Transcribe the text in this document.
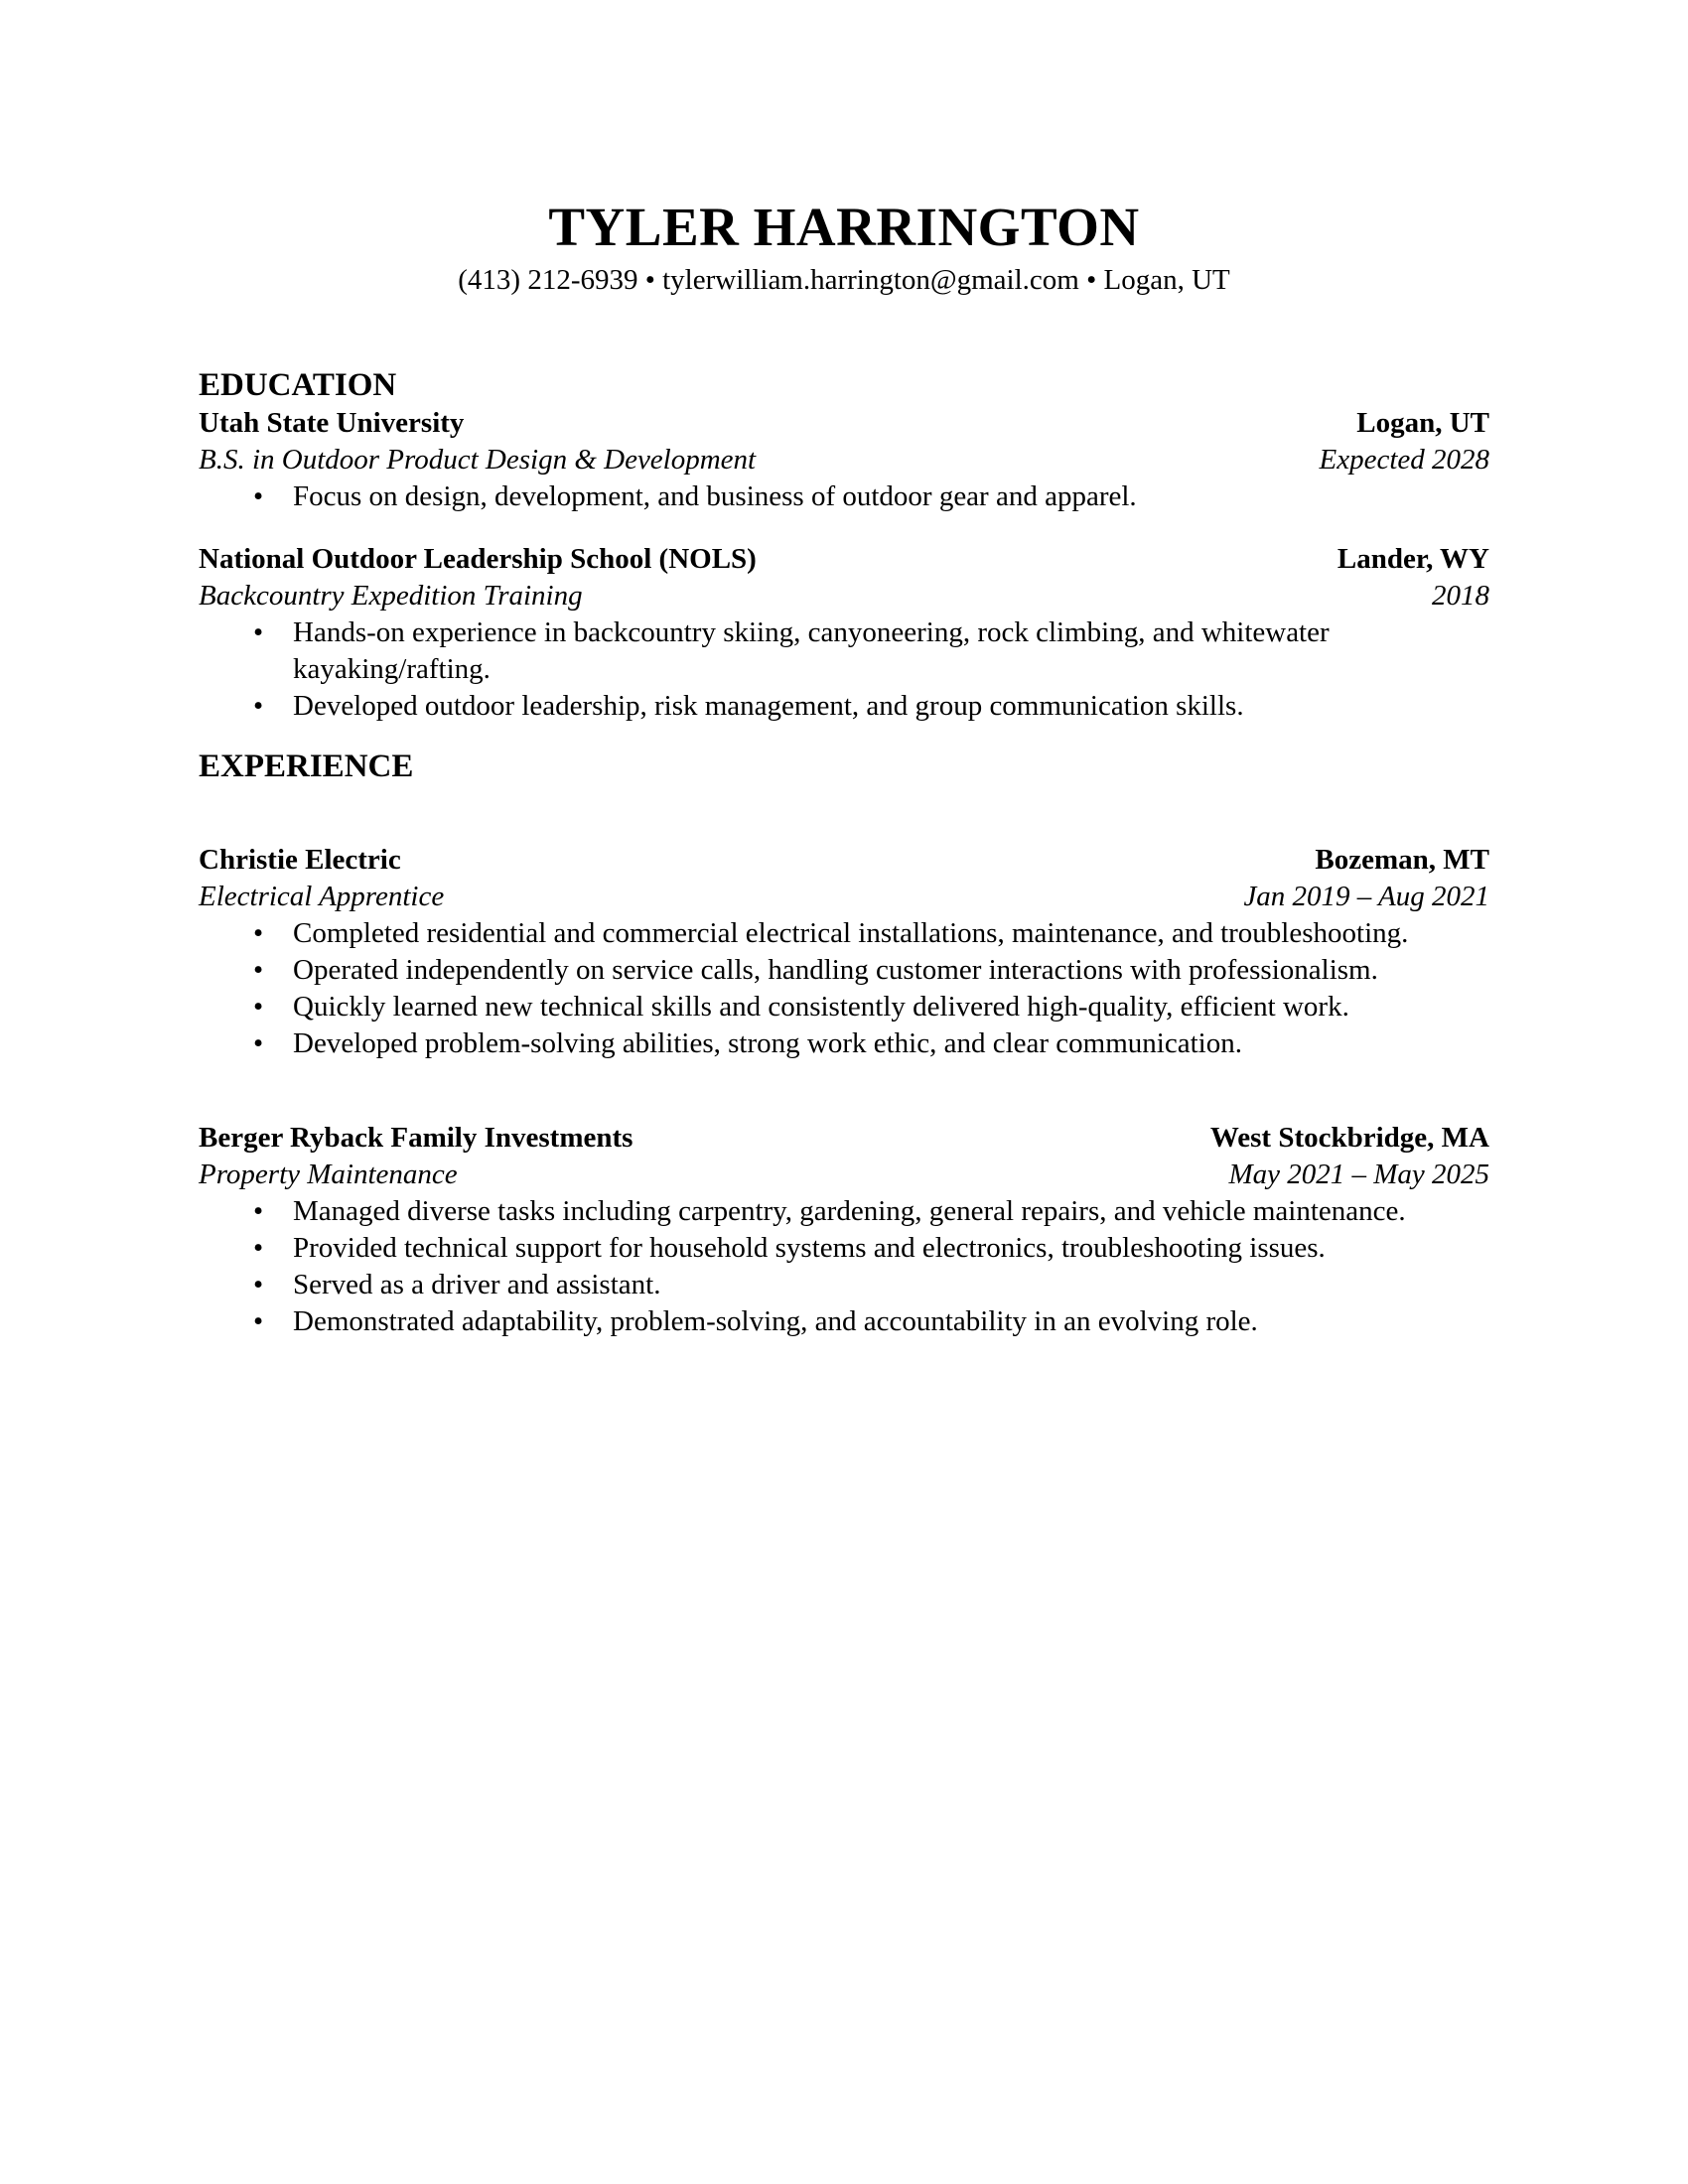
TYLER HARRINGTON
(413) 212-6939 • tylerwilliam.harrington@gmail.com • Logan, UT
EDUCATION
Utah State University	Logan, UT
B.S. in Outdoor Product Design & Development	Expected 2028
• Focus on design, development, and business of outdoor gear and apparel.
National Outdoor Leadership School (NOLS)	Lander, WY
Backcountry Expedition Training	2018
• Hands-on experience in backcountry skiing, canyoneering, rock climbing, and whitewater kayaking/rafting.
• Developed outdoor leadership, risk management, and group communication skills.
EXPERIENCE
Christie Electric	Bozeman, MT
Electrical Apprentice	Jan 2019 – Aug 2021
• Completed residential and commercial electrical installations, maintenance, and troubleshooting.
• Operated independently on service calls, handling customer interactions with professionalism.
• Quickly learned new technical skills and consistently delivered high-quality, efficient work.
• Developed problem-solving abilities, strong work ethic, and clear communication.
Berger Ryback Family Investments	West Stockbridge, MA
Property Maintenance	May 2021 – May 2025
• Managed diverse tasks including carpentry, gardening, general repairs, and vehicle maintenance.
• Provided technical support for household systems and electronics, troubleshooting issues.
• Served as a driver and assistant.
• Demonstrated adaptability, problem-solving, and accountability in an evolving role.
